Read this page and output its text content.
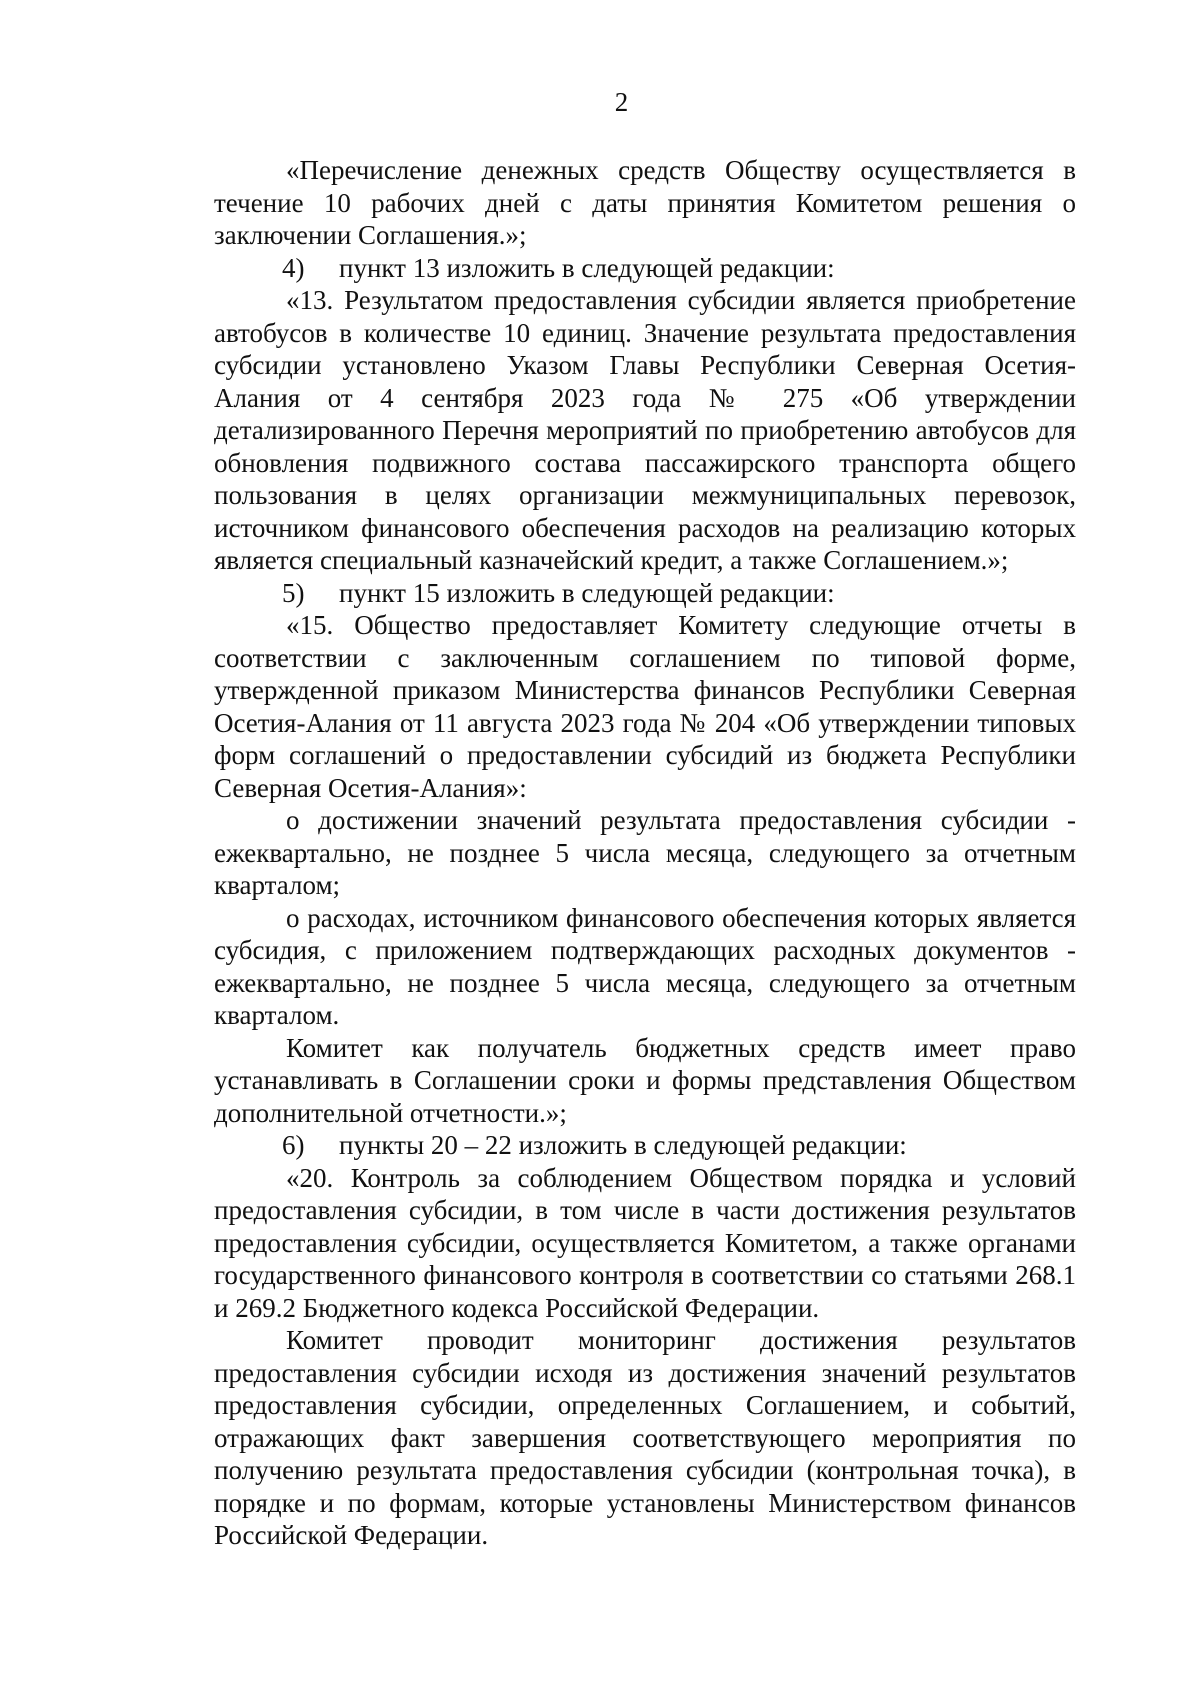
2

«Перечисление денежных средств Обществу осуществляется в течение 10 рабочих дней с даты принятия Комитетом решения о заключении Соглашения.»;

4) пункт 13 изложить в следующей редакции:

«13. Результатом предоставления субсидии является приобретение автобусов в количестве 10 единиц. Значение результата предоставления субсидии установлено Указом Главы Республики Северная Осетия-Алания от 4 сентября 2023 года № 275 «Об утверждении детализированного Перечня мероприятий по приобретению автобусов для обновления подвижного состава пассажирского транспорта общего пользования в целях организации межмуниципальных перевозок, источником финансового обеспечения расходов на реализацию которых является специальный казначейский кредит, а также Соглашением.»;

5) пункт 15 изложить в следующей редакции:

«15. Общество предоставляет Комитету следующие отчеты в соответствии с заключенным соглашением по типовой форме, утвержденной приказом Министерства финансов Республики Северная Осетия-Алания от 11 августа 2023 года № 204 «Об утверждении типовых форм соглашений о предоставлении субсидий из бюджета Республики Северная Осетия-Алания»:

о достижении значений результата предоставления субсидии - ежеквартально, не позднее 5 числа месяца, следующего за отчетным кварталом;

о расходах, источником финансового обеспечения которых является субсидия, с приложением подтверждающих расходных документов - ежеквартально, не позднее 5 числа месяца, следующего за отчетным кварталом.

Комитет как получатель бюджетных средств имеет право устанавливать в Соглашении сроки и формы представления Обществом дополнительной отчетности.»;

6) пункты 20 – 22 изложить в следующей редакции:

«20. Контроль за соблюдением Обществом порядка и условий предоставления субсидии, в том числе в части достижения результатов предоставления субсидии, осуществляется Комитетом, а также органами государственного финансового контроля в соответствии со статьями 268.1 и 269.2 Бюджетного кодекса Российской Федерации.

Комитет проводит мониторинг достижения результатов предоставления субсидии исходя из достижения значений результатов предоставления субсидии, определенных Соглашением, и событий, отражающих факт завершения соответствующего мероприятия по получению результата предоставления субсидии (контрольная точка), в порядке и по формам, которые установлены Министерством финансов Российской Федерации.
